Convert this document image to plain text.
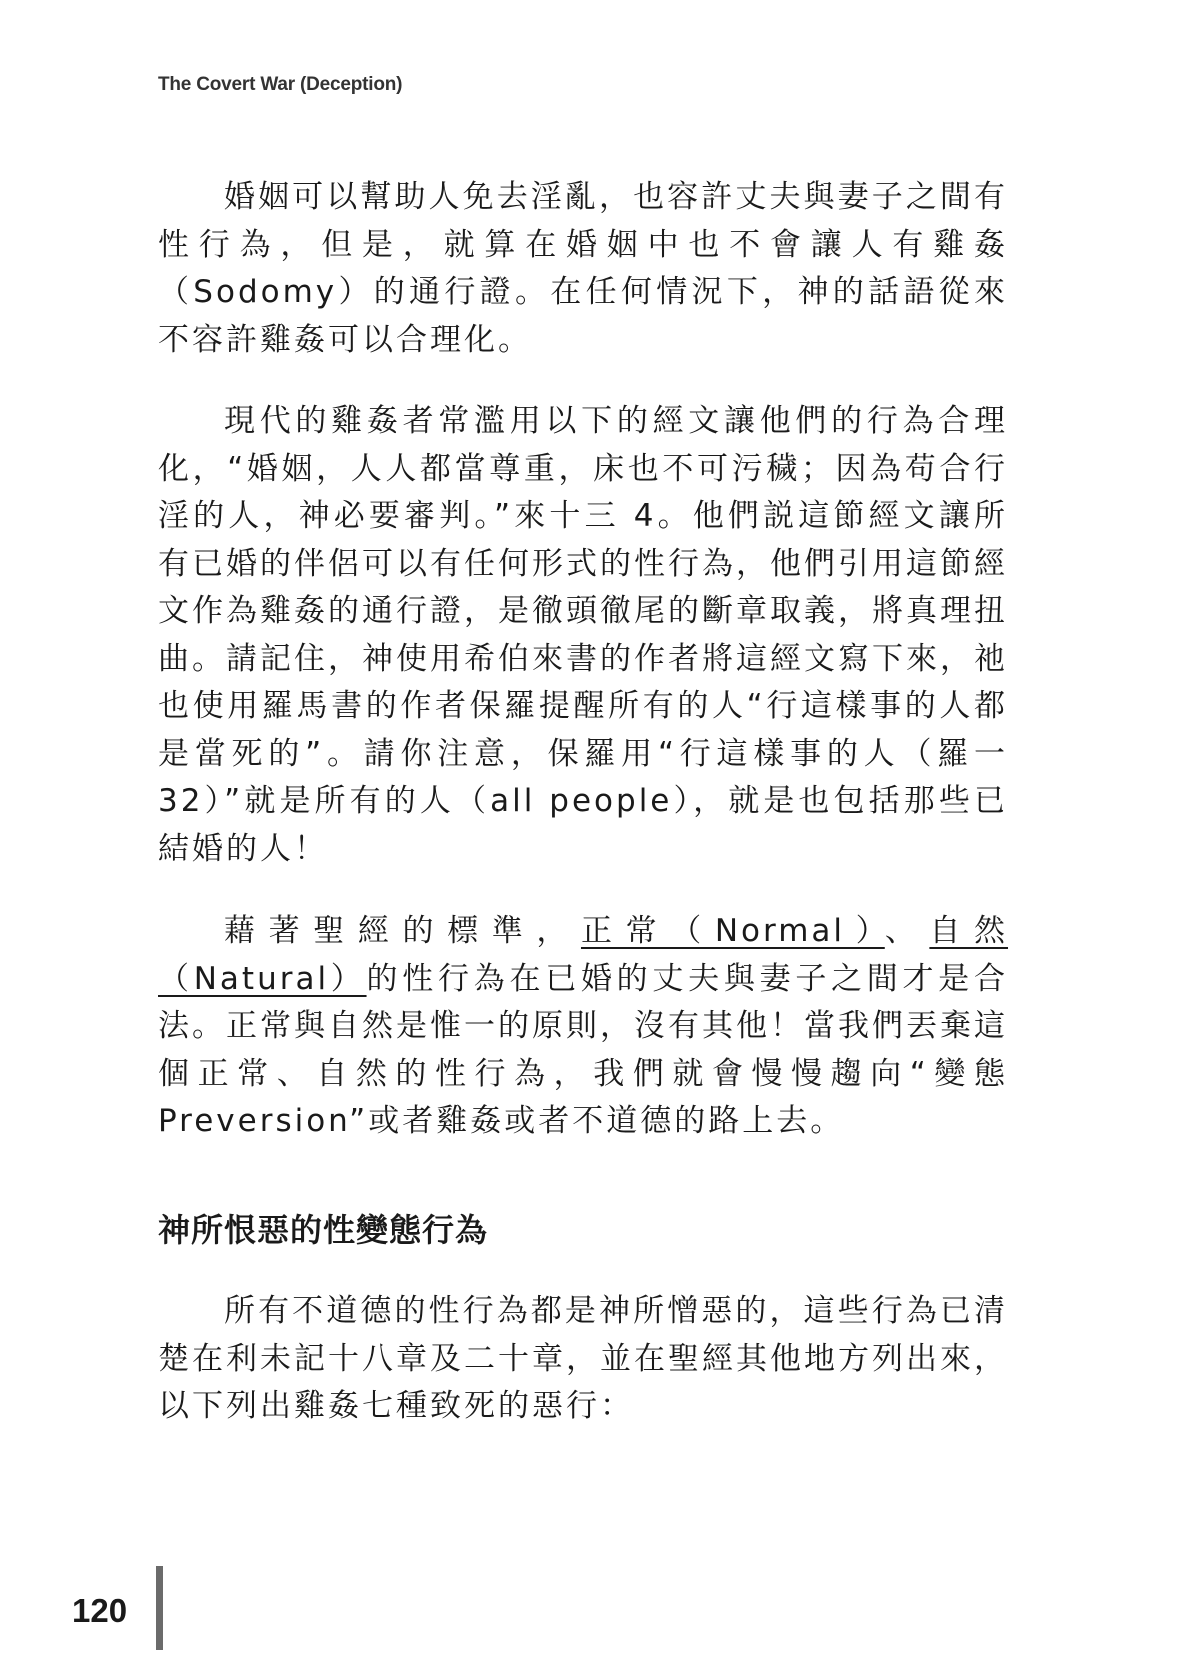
The Covert War (Deception)

婚姻可以幫助人免去淫亂，也容許丈夫與妻子之間有性行為，但是，就算在婚姻中也不會讓人有雞姦（Sodomy）的通行證。在任何情況下，神的話語從來不容許雞姦可以合理化。

現代的雞姦者常濫用以下的經文讓他們的行為合理化，“婚姻，人人都當尊重，床也不可污穢；因為苟合行淫的人，神必要審判。”來十三 4。他們説這節經文讓所有已婚的伴侶可以有任何形式的性行為，他們引用這節經文作為雞姦的通行證，是徹頭徹尾的斷章取義，將真理扭曲。請記住，神使用希伯來書的作者將這經文寫下來，祂也使用羅馬書的作者保羅提醒所有的人“行這樣事的人都是當死的”。請你注意，保羅用“行這樣事的人（羅一32）”就是所有的人（all people），就是也包括那些已結婚的人！

藉著聖經的標準，正常（Normal）、自然（Natural）的性行為在已婚的丈夫與妻子之間才是合法。正常與自然是惟一的原則，沒有其他！當我們丟棄這個正常、自然的性行為，我們就會慢慢趨向“變態 Preversion”或者雞姦或者不道德的路上去。

神所恨惡的性變態行為

所有不道德的性行為都是神所憎惡的，這些行為已清楚在利未記十八章及二十章，並在聖經其他地方列出來，以下列出雞姦七種致死的惡行：

120
